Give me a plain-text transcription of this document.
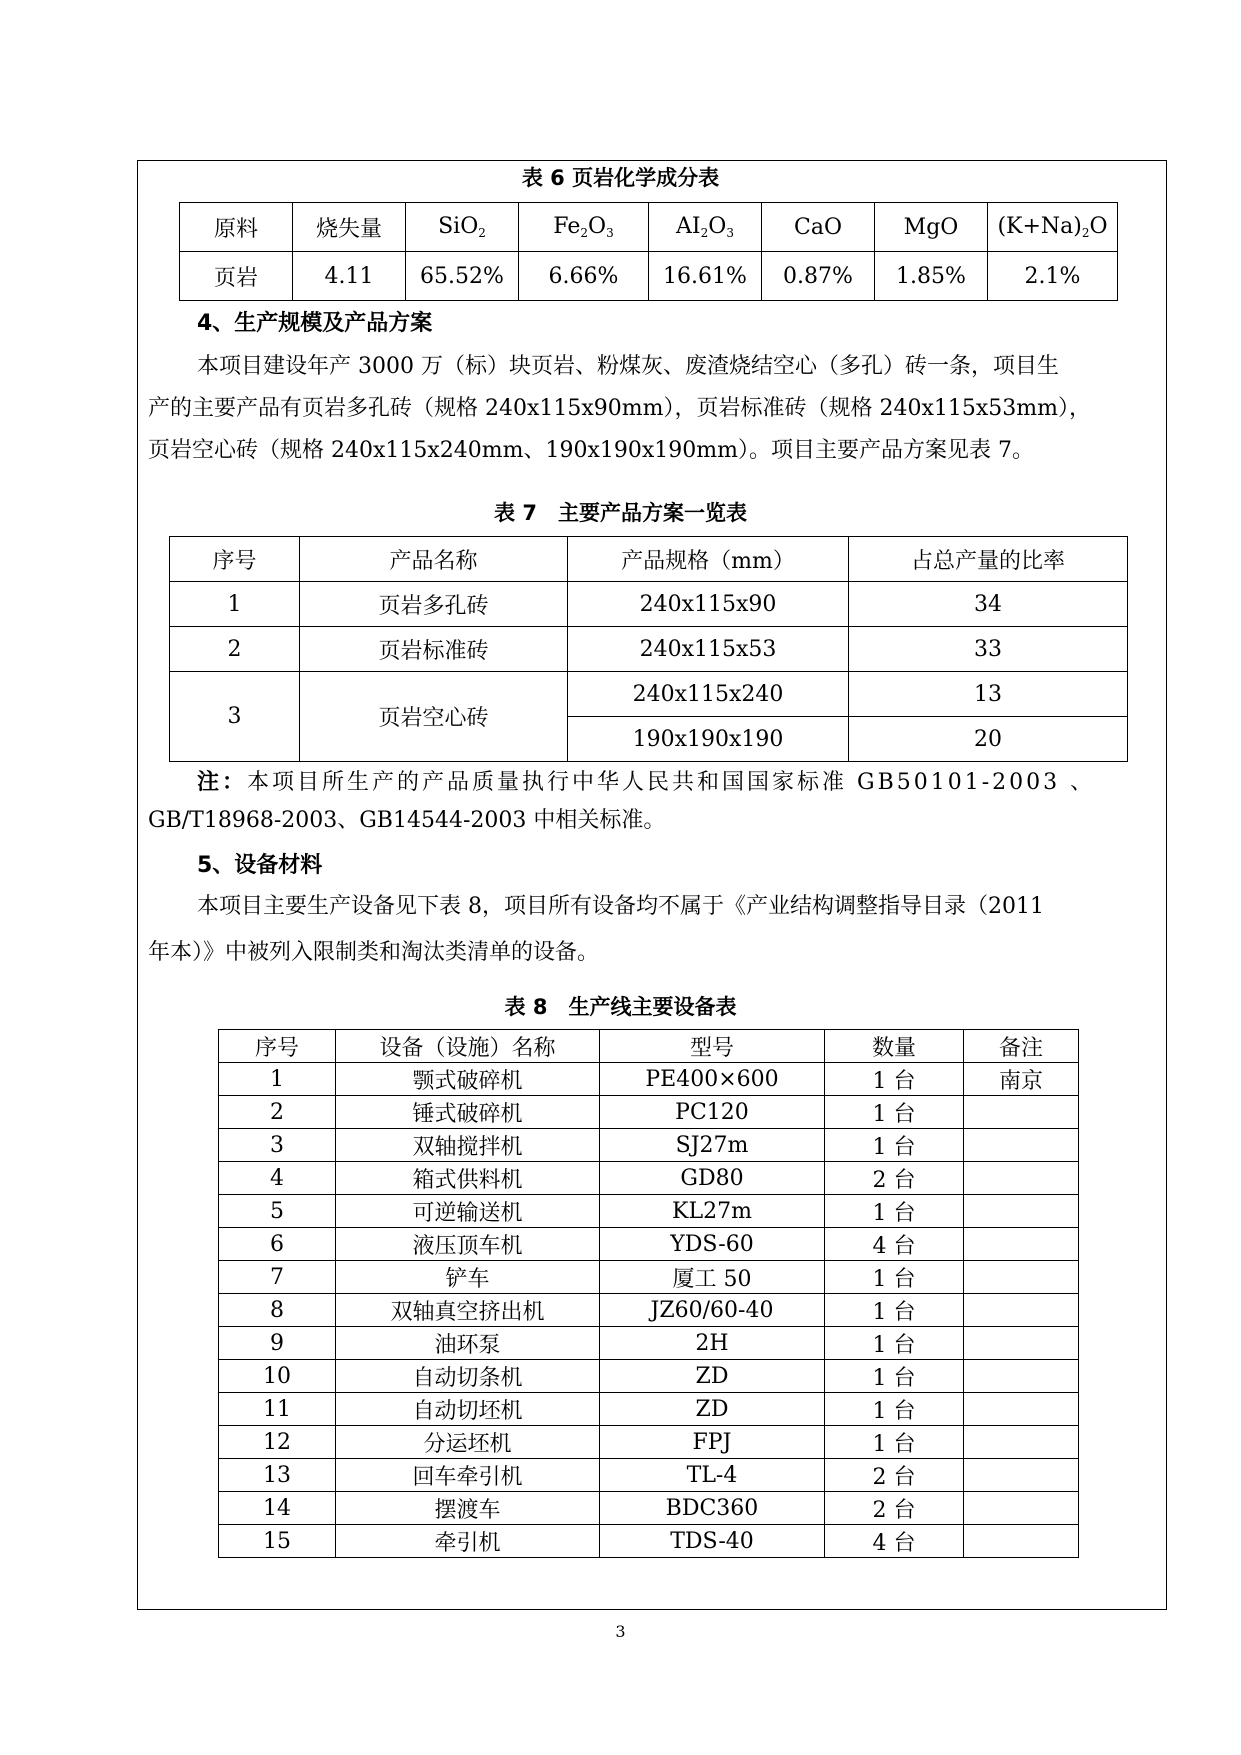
表 6 页岩化学成分表
原料	烧失量	SiO$_2$	$Fe_2O_3$	$AI_2O_3$	CaO	MgO	$(K+Na)_2O$
页岩	4.11	65.52%	6.66%	16.61%	0.87%	1.85%	2.1%
4、生产规模及产品方案
本项目建设年产 3000 万（标）块页岩、粉煤灰、废渣烧结空心（多孔）砖一条，项目生
产的主要产品有页岩多孔砖（规格 240x115x90mm），页岩标准砖（规格 240x115x53mm），
页岩空心砖（规格 240x115x240mm、190x190x190mm）。项目主要产品方案见表 7。
表 7　主要产品方案一览表
序号	产品名称	产品规格（mm）	占总产量的比率
1	页岩多孔砖	240x115x90	34
2	页岩标准砖	240x115x53	33
3	页岩空心砖	240x115x240	13
		190x190x190	20
注：本项目所生产的产品质量执行中华人民共和国国家标准 GB50101-2003 、
GB/T18968-2003、GB14544-2003 中相关标准。
5、设备材料
本项目主要生产设备见下表 8，项目所有设备均不属于《产业结构调整指导目录（2011
年本）》中被列入限制类和淘汰类清单的设备。
表 8　生产线主要设备表
序号	设备（设施）名称	型号	数量	备注
1	颚式破碎机	PE400×600	1 台	南京
2	锤式破碎机	PC120	1 台	
3	双轴搅拌机	SJ27m	1 台	
4	箱式供料机	GD80	2 台	
5	可逆输送机	KL27m	1 台	
6	液压顶车机	YDS-60	4 台	
7	铲车	厦工 50	1 台	
8	双轴真空挤出机	JZ60/60-40	1 台	
9	油环泵	2H	1 台	
10	自动切条机	ZD	1 台	
11	自动切坯机	ZD	1 台	
12	分运坯机	FPJ	1 台	
13	回车牵引机	TL-4	2 台	
14	摆渡车	BDC360	2 台	
15	牵引机	TDS-40	4 台	
3
